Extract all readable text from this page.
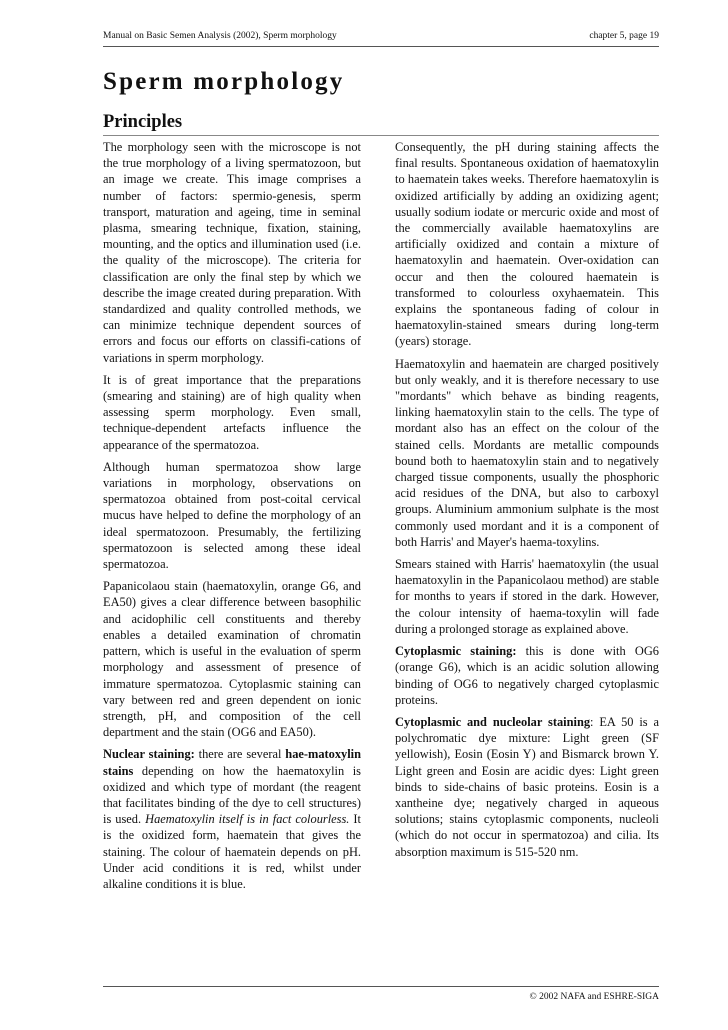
Manual on Basic Semen Analysis (2002), Sperm morphology	chapter 5, page 19
Sperm morphology
Principles

The morphology seen with the microscope is not the true morphology of a living spermatozoon, but an image we create. This image comprises a number of factors: spermio-genesis, sperm transport, maturation and ageing, time in seminal plasma, smearing technique, fixation, staining, mounting, and the optics and illumination used (i.e. the quality of the microscope). The criteria for classification are only the final step by which we describe the image created during preparation. With standardized and quality controlled methods, we can minimize technique dependent sources of errors and focus our efforts on classifi-cations of variations in sperm morphology.

It is of great importance that the preparations (smearing and staining) are of high quality when assessing sperm morphology. Even small, technique-dependent artefacts influence the appearance of the spermatozoa.

Although human spermatozoa show large variations in morphology, observations on spermatozoa obtained from post-coital cervical mucus have helped to define the morphology of an ideal spermatozoon. Presumably, the fertilizing spermatozoon is selected among these ideal spermatozoa.

Papanicolaou stain (haematoxylin, orange G6, and EA50) gives a clear difference between basophilic and acidophilic cell constituents and thereby enables a detailed examination of chromatin pattern, which is useful in the evaluation of sperm morphology and assessment of presence of immature spermatozoa. Cytoplasmic staining can vary between red and green dependent on ionic strength, pH, and composition of the cell department and the stain (OG6 and EA50).

Nuclear staining: there are several hae-matoxylin stains depending on how the haematoxylin is oxidized and which type of mordant (the reagent that facilitates binding of the dye to cell structures) is used. Haematoxylin itself is in fact colourless. It is the oxidized form, haematein that gives the staining. The colour of haematein depends on pH. Under acid conditions it is red, whilst under alkaline conditions it is blue.

Consequently, the pH during staining affects the final results. Spontaneous oxidation of haematoxylin to haematein takes weeks. Therefore haematoxylin is oxidized artificially by adding an oxidizing agent; usually sodium iodate or mercuric oxide and most of the commercially available haematoxylins are artificially oxidized and contain a mixture of haematoxylin and haematein. Over-oxidation can occur and then the coloured haematein is transformed to colourless oxyhaematein. This explains the spontaneous fading of colour in haematoxylin-stained smears during long-term (years) storage.

Haematoxylin and haematein are charged positively but only weakly, and it is therefore necessary to use "mordants" which behave as binding reagents, linking haematoxylin stain to the cells. The type of mordant also has an effect on the colour of the stained cells. Mordants are metallic compounds bound both to haematoxylin stain and to negatively charged tissue components, usually the phosphoric acid residues of the DNA, but also to carboxyl groups. Aluminium ammonium sulphate is the most commonly used mordant and it is a component of both Harris' and Mayer's haema-toxylins.

Smears stained with Harris' haematoxylin (the usual haematoxylin in the Papanicolaou method) are stable for months to years if stored in the dark. However, the colour intensity of haema-toxylin will fade during a prolonged storage as explained above.

Cytoplasmic staining: this is done with OG6 (orange G6), which is an acidic solution allowing binding of OG6 to negatively charged cytoplasmic proteins.

Cytoplasmic and nucleolar staining: EA 50 is a polychromatic dye mixture: Light green (SF yellowish), Eosin (Eosin Y) and Bismarck brown Y. Light green and Eosin are acidic dyes: Light green binds to side-chains of basic proteins. Eosin is a xantheine dye; negatively charged in aqueous solutions; stains cytoplasmic components, nucleoli (which do not occur in spermatozoa) and cilia. Its absorption maximum is 515-520 nm.

© 2002 NAFA and ESHRE-SIGA
